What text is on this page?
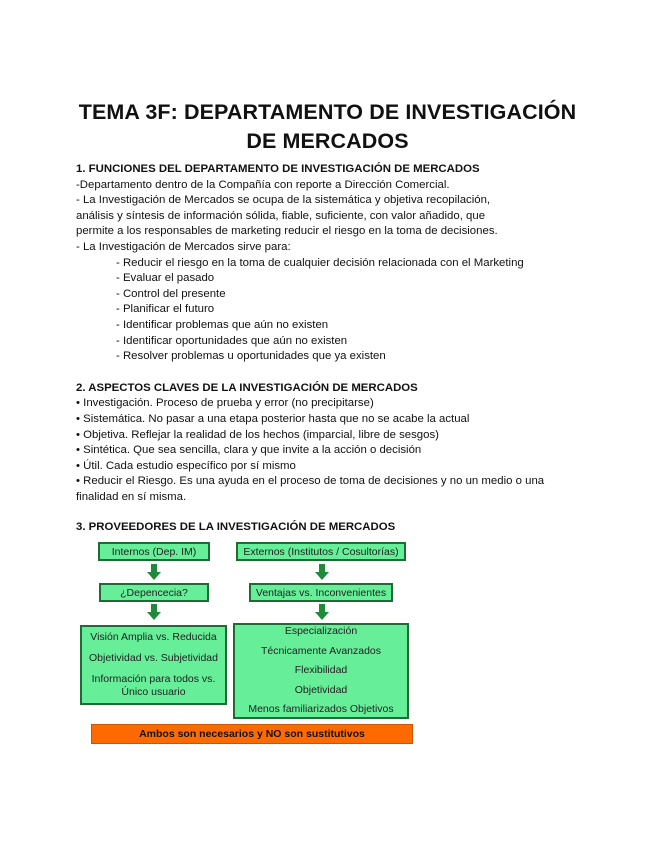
TEMA 3F: DEPARTAMENTO DE INVESTIGACIÓN
DE MERCADOS
1. FUNCIONES DEL DEPARTAMENTO DE INVESTIGACIÓN DE MERCADOS
-Departamento dentro de la Compañía con reporte a Dirección Comercial.
- La Investigación de Mercados se ocupa de la sistemática y objetiva recopilación,
análisis y síntesis de información sólida, fiable, suficiente, con valor añadido, que
permite a los responsables de marketing reducir el riesgo en la toma de decisiones.
- La Investigación de Mercados sirve para:
- Reducir el riesgo en la toma de cualquier decisión relacionada con el Marketing
- Evaluar el pasado
- Control del presente
- Planificar el futuro
- Identificar problemas que aún no existen
- Identificar oportunidades que aún no existen
- Resolver problemas u oportunidades que ya existen
2. ASPECTOS CLAVES DE LA INVESTIGACIÓN DE MERCADOS
• Investigación. Proceso de prueba y error (no precipitarse)
• Sistemática. No pasar a una etapa posterior hasta que no se acabe la actual
• Objetiva. Reflejar la realidad de los hechos (imparcial, libre de sesgos)
• Sintética. Que sea sencilla, clara y que invite a la acción o decisión
• Útil. Cada estudio específico por sí mismo
• Reducir el Riesgo. Es una ayuda en el proceso de toma de decisiones y no un medio o una
finalidad en sí misma.
3. PROVEEDORES DE LA INVESTIGACIÓN DE MERCADOS
Internos (Dep. IM)	Externos (Institutos / Cosultorías)
¿Depencecia?	Ventajas vs. Inconvenientes
Visión Amplia vs. Reducida
Objetividad vs. Subjetividad
Información para todos vs.
Único usuario
Especialización
Técnicamente Avanzados
Flexibilidad
Objetividad
Menos familiarizados Objetivos
Ambos son necesarios y NO son sustitutivos
